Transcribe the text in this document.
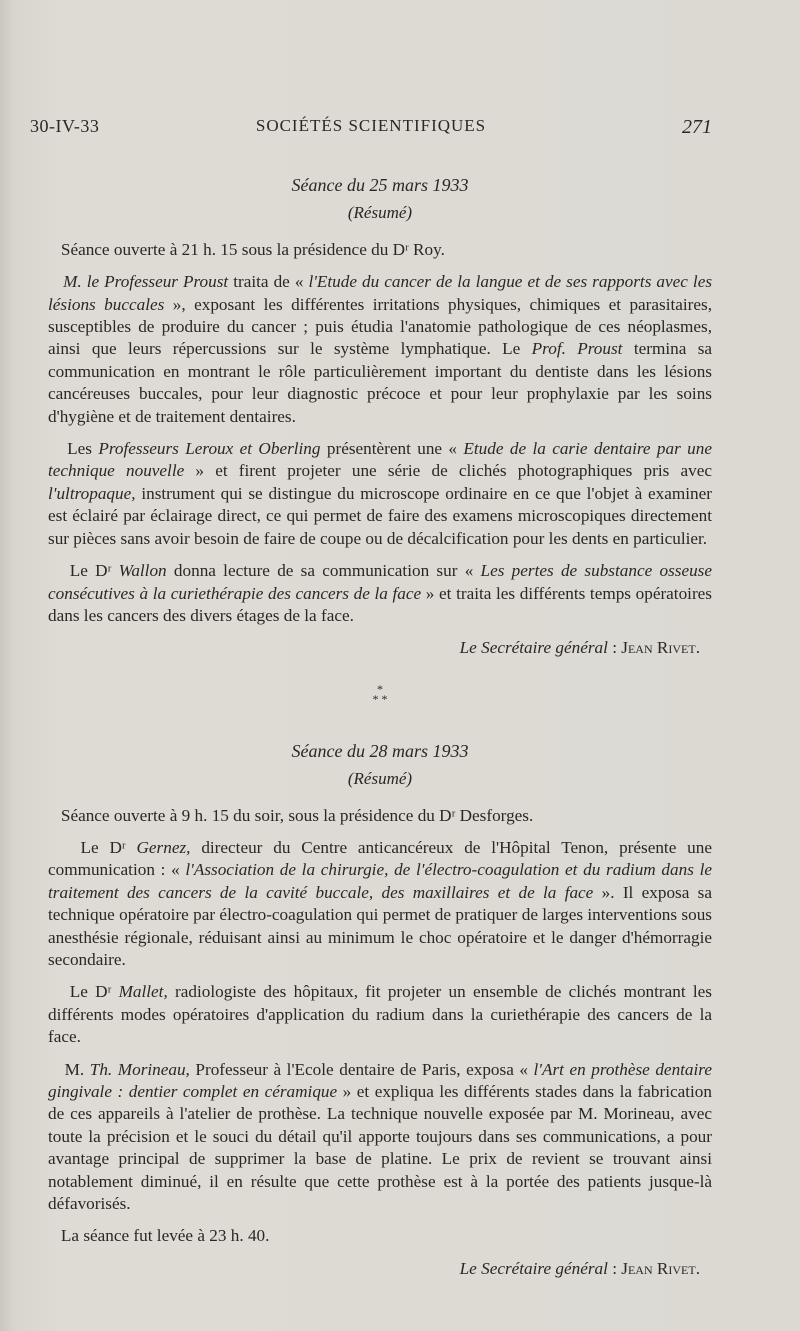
30-IV-33	SOCIÉTÉS SCIENTIFIQUES	271
Séance du 25 mars 1933
(Résumé)

Séance ouverte à 21 h. 15 sous la présidence du Dʳ Roy.

M. le Professeur Proust traita de « l'Etude du cancer de la langue et de ses rapports avec les lésions buccales », exposant les différentes irritations physiques, chimiques et parasitaires, susceptibles de produire du cancer ; puis étudia l'anatomie pathologique de ces néoplasmes, ainsi que leurs répercussions sur le système lymphatique. Le Prof. Proust termina sa communication en montrant le rôle particulièrement important du dentiste dans les lésions cancéreuses buccales, pour leur diagnostic précoce et pour leur prophylaxie par les soins d'hygiène et de traitement dentaires.

Les Professeurs Leroux et Oberling présentèrent une « Etude de la carie dentaire par une technique nouvelle » et firent projeter une série de clichés photographiques pris avec l'ultropaque, instrument qui se distingue du microscope ordinaire en ce que l'objet à examiner est éclairé par éclairage direct, ce qui permet de faire des examens microscopiques directement sur pièces sans avoir besoin de faire de coupe ou de décalcification pour les dents en particulier.

Le Dʳ Wallon donna lecture de sa communication sur « Les pertes de substance osseuse consécutives à la curiethérapie des cancers de la face » et traita les différents temps opératoires dans les cancers des divers étages de la face.

Le Secrétaire général : Jean Rivet.
*
* *
Séance du 28 mars 1933
(Résumé)

Séance ouverte à 9 h. 15 du soir, sous la présidence du Dʳ Desforges.

Le Dʳ Gernez, directeur du Centre anticancéreux de l'Hôpital Tenon, présente une communication : « l'Association de la chirurgie, de l'électro-coagulation et du radium dans le traitement des cancers de la cavité buccale, des maxillaires et de la face ». Il exposa sa technique opératoire par électro-coagulation qui permet de pratiquer de larges interventions sous anesthésie régionale, réduisant ainsi au minimum le choc opératoire et le danger d'hémorragie secondaire.

Le Dʳ Mallet, radiologiste des hôpitaux, fit projeter un ensemble de clichés montrant les différents modes opératoires d'application du radium dans la curiethérapie des cancers de la face.

M. Th. Morineau, Professeur à l'Ecole dentaire de Paris, exposa « l'Art en prothèse dentaire gingivale : dentier complet en céramique » et expliqua les différents stades dans la fabrication de ces appareils à l'atelier de prothèse. La technique nouvelle exposée par M. Morineau, avec toute la précision et le souci du détail qu'il apporte toujours dans ses communications, a pour avantage principal de supprimer la base de platine. Le prix de revient se trouvant ainsi notablement diminué, il en résulte que cette prothèse est à la portée des patients jusque-là défavorisés.

La séance fut levée à 23 h. 40.

Le Secrétaire général : Jean Rivet.
